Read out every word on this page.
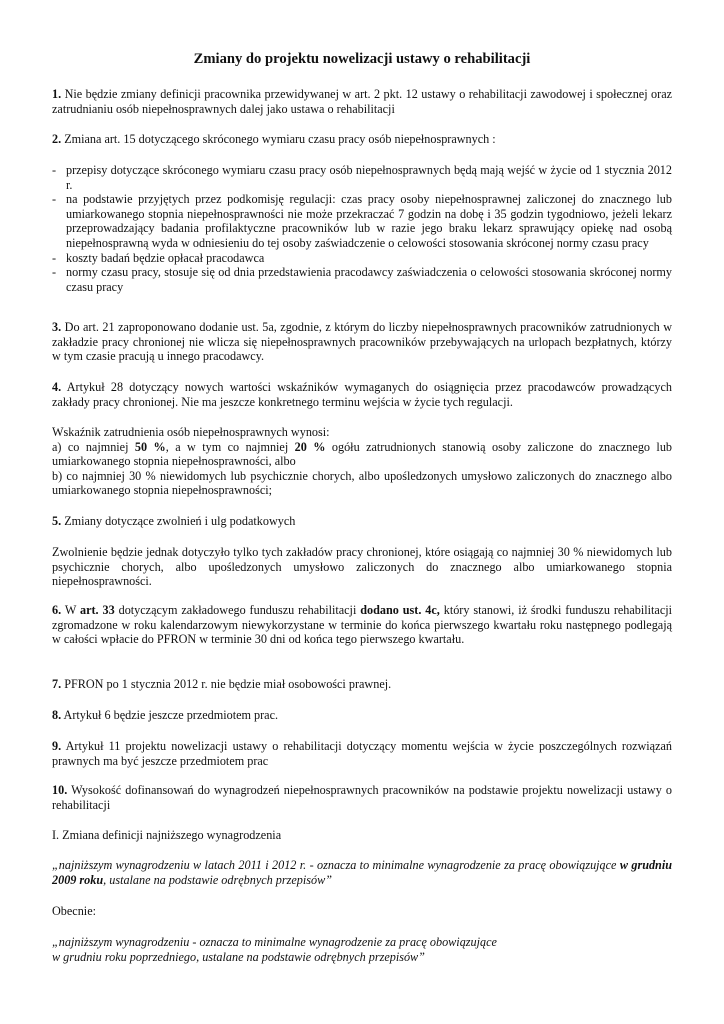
Zmiany do projektu nowelizacji ustawy o rehabilitacji

1. Nie będzie zmiany definicji pracownika przewidywanej w art. 2 pkt. 12 ustawy o rehabilitacji zawodowej i społecznej oraz zatrudnianiu osób niepełnosprawnych dalej jako ustawa o rehabilitacji

2. Zmiana art. 15 dotyczącego skróconego wymiaru czasu pracy osób niepełnosprawnych :

- przepisy dotyczące skróconego wymiaru czasu pracy osób niepełnosprawnych będą mają wejść w życie od 1 stycznia 2012 r.
- na podstawie przyjętych przez podkomisję regulacji: czas pracy osoby niepełnosprawnej zaliczonej do znacznego lub umiarkowanego stopnia niepełnosprawności nie może przekraczać 7 godzin na dobę i 35 godzin tygodniowo, jeżeli lekarz przeprowadzający badania profilaktyczne pracowników lub w razie jego braku lekarz sprawujący opiekę nad osobą niepełnosprawną wyda w odniesieniu do tej osoby zaświadczenie o celowości stosowania skróconej normy czasu pracy
- koszty badań będzie opłacał pracodawca
- normy czasu pracy, stosuje się od dnia przedstawienia pracodawcy zaświadczenia o celowości stosowania skróconej normy czasu pracy

3. Do art. 21 zaproponowano dodanie ust. 5a, zgodnie, z którym do liczby niepełnosprawnych pracowników zatrudnionych w zakładzie pracy chronionej nie wlicza się niepełnosprawnych pracowników przebywających na urlopach bezpłatnych, którzy w tym czasie pracują u innego pracodawcy.

4. Artykuł 28 dotyczący nowych wartości wskaźników wymaganych do osiągnięcia przez pracodawców prowadzących zakłady pracy chronionej. Nie ma jeszcze konkretnego terminu wejścia w życie tych regulacji.

Wskaźnik zatrudnienia osób niepełnosprawnych wynosi:

a) co najmniej 50 %, a w tym co najmniej 20 % ogółu zatrudnionych stanowią osoby zaliczone do znacznego lub umiarkowanego stopnia niepełnosprawności, albo

b) co najmniej 30 % niewidomych lub psychicznie chorych, albo upośledzonych umysłowo zaliczonych do znacznego albo umiarkowanego stopnia niepełnosprawności;

5. Zmiany dotyczące zwolnień i ulg podatkowych

Zwolnienie będzie jednak dotyczyło tylko tych zakładów pracy chronionej, które osiągają co najmniej 30 % niewidomych lub psychicznie chorych, albo upośledzonych umysłowo zaliczonych do znacznego albo umiarkowanego stopnia niepełnosprawności.

6. W art. 33 dotyczącym zakładowego funduszu rehabilitacji dodano ust. 4c, który stanowi, iż środki funduszu rehabilitacji zgromadzone w roku kalendarzowym niewykorzystane w terminie do końca pierwszego kwartału roku następnego podlegają w całości wpłacie do PFRON w terminie 30 dni od końca tego pierwszego kwartału.

7. PFRON po 1 stycznia 2012 r. nie będzie miał osobowości prawnej.

8. Artykuł 6 będzie jeszcze przedmiotem prac.

9. Artykuł 11 projektu nowelizacji ustawy o rehabilitacji dotyczący momentu wejścia w życie poszczególnych rozwiązań prawnych ma być jeszcze przedmiotem prac

10. Wysokość dofinansowań do wynagrodzeń niepełnosprawnych pracowników na podstawie projektu nowelizacji ustawy o rehabilitacji

I. Zmiana definicji najniższego wynagrodzenia

„najniższym wynagrodzeniu w latach 2011 i 2012 r. - oznacza to minimalne wynagrodzenie za pracę obowiązujące w grudniu 2009 roku, ustalane na podstawie odrębnych przepisów”

Obecnie:

„najniższym wynagrodzeniu - oznacza to minimalne wynagrodzenie za pracę obowiązujące

w grudniu roku poprzedniego, ustalane na podstawie odrębnych przepisów”
